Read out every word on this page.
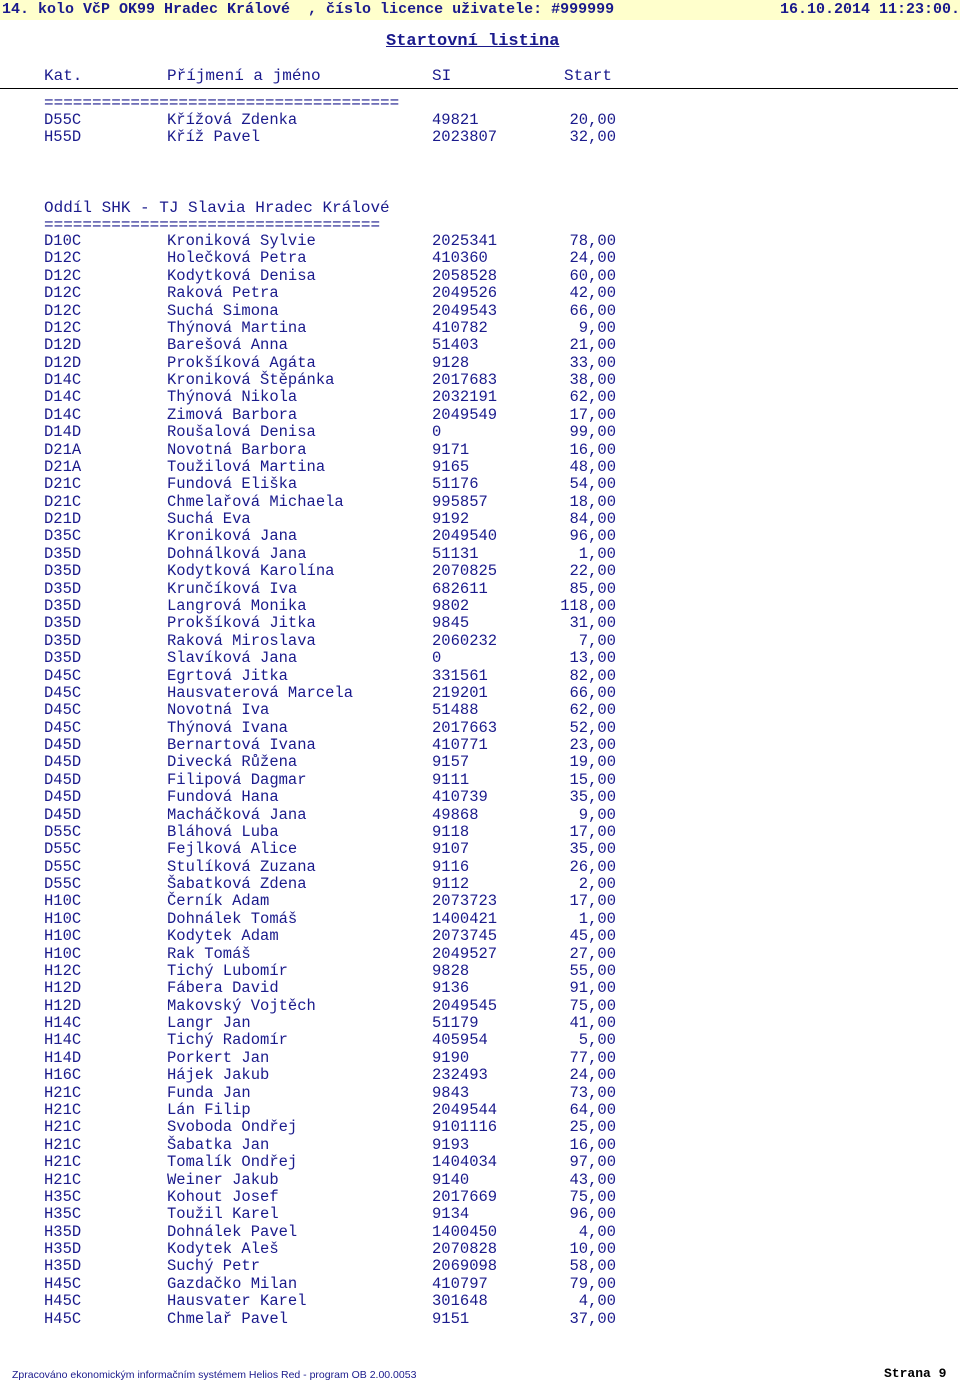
14. kolo VčP OK99 Hradec Králové  , číslo licence uživatele: #999999	16.10.2014 11:23:00.
Startovní listina
Kat.	Příjmení a jméno	SI	Start
=====================================
D55C	Křížová Zdenka	49821	20,00
H55D	Kříž Pavel	2023807	32,00
Oddíl SHK - TJ Slavia Hradec Králové
===================================
D10C	Kroniková Sylvie	2025341	78,00
D12C	Holečková Petra	410360	24,00
D12C	Kodytková Denisa	2058528	60,00
D12C	Raková Petra	2049526	42,00
D12C	Suchá Simona	2049543	66,00
D12C	Thýnová Martina	410782	9,00
D12D	Barešová Anna	51403	21,00
D12D	Prokšíková Agáta	9128	33,00
D14C	Kroniková Štěpánka	2017683	38,00
D14C	Thýnová Nikola	2032191	62,00
D14C	Zimová Barbora	2049549	17,00
D14D	Roušalová Denisa	0	99,00
D21A	Novotná Barbora	9171	16,00
D21A	Toužilová Martina	9165	48,00
D21C	Fundová Eliška	51176	54,00
D21C	Chmelařová Michaela	995857	18,00
D21D	Suchá Eva	9192	84,00
D35C	Kroniková Jana	2049540	96,00
D35D	Dohnálková Jana	51131	1,00
D35D	Kodytková Karolína	2070825	22,00
D35D	Krunčíková Iva	682611	85,00
D35D	Langrová Monika	9802	118,00
D35D	Prokšíková Jitka	9845	31,00
D35D	Raková Miroslava	2060232	7,00
D35D	Slavíková Jana	0	13,00
D45C	Egrtová Jitka	331561	82,00
D45C	Hausvaterová Marcela	219201	66,00
D45C	Novotná Iva	51488	62,00
D45C	Thýnová Ivana	2017663	52,00
D45D	Bernartová Ivana	410771	23,00
D45D	Divecká Růžena	9157	19,00
D45D	Filipová Dagmar	9111	15,00
D45D	Fundová Hana	410739	35,00
D45D	Macháčková Jana	49868	9,00
D55C	Bláhová Luba	9118	17,00
D55C	Fejlková Alice	9107	35,00
D55C	Stulíková Zuzana	9116	26,00
D55C	Šabatková Zdena	9112	2,00
H10C	Černík Adam	2073723	17,00
H10C	Dohnálek Tomáš	1400421	1,00
H10C	Kodytek Adam	2073745	45,00
H10C	Rak Tomáš	2049527	27,00
H12C	Tichý Lubomír	9828	55,00
H12D	Fábera David	9136	91,00
H12D	Makovský Vojtěch	2049545	75,00
H14C	Langr Jan	51179	41,00
H14C	Tichý Radomír	405954	5,00
H14D	Porkert Jan	9190	77,00
H16C	Hájek Jakub	232493	24,00
H21C	Funda Jan	9843	73,00
H21C	Lán Filip	2049544	64,00
H21C	Svoboda Ondřej	9101116	25,00
H21C	Šabatka Jan	9193	16,00
H21C	Tomalík Ondřej	1404034	97,00
H21C	Weiner Jakub	9140	43,00
H35C	Kohout Josef	2017669	75,00
H35C	Toužil Karel	9134	96,00
H35D	Dohnálek Pavel	1400450	4,00
H35D	Kodytek Aleš	2070828	10,00
H35D	Suchý Petr	2069098	58,00
H45C	Gazdačko Milan	410797	79,00
H45C	Hausvater Karel	301648	4,00
H45C	Chmelař Pavel	9151	37,00
Zpracováno ekonomickým informačním systémem Helios Red - program OB 2.00.0053	Strana 9
